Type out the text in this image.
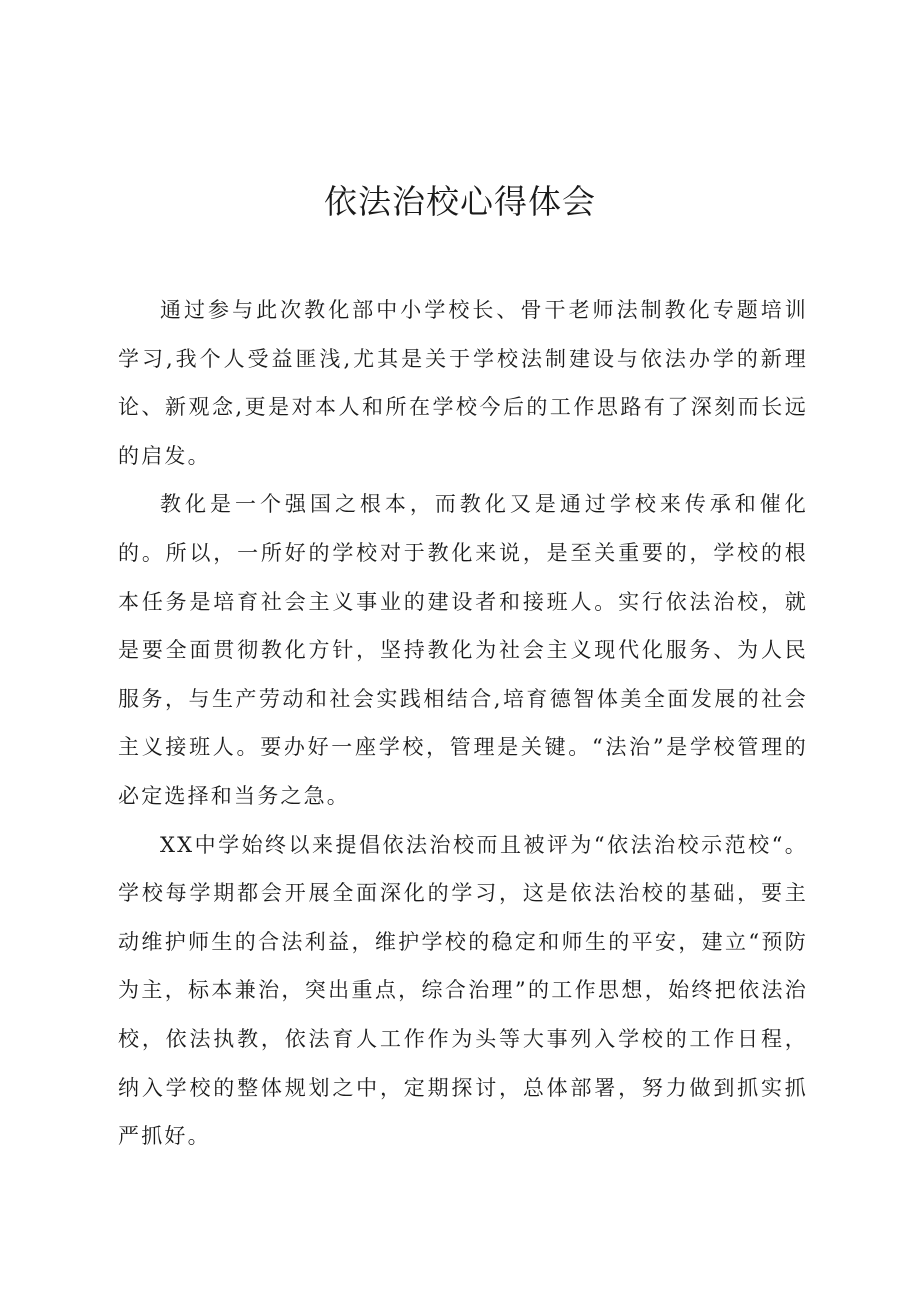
依法治校心得体会

通过参与此次教化部中小学校长、骨干老师法制教化专题培训学习,我个人受益匪浅,尤其是关于学校法制建设与依法办学的新理论、新观念,更是对本人和所在学校今后的工作思路有了深刻而长远的启发。

教化是一个强国之根本，而教化又是通过学校来传承和催化的。所以，一所好的学校对于教化来说，是至关重要的，学校的根本任务是培育社会主义事业的建设者和接班人。实行依法治校，就是要全面贯彻教化方针，坚持教化为社会主义现代化服务、为人民服务，与生产劳动和社会实践相结合,培育德智体美全面发展的社会主义接班人。要办好一座学校，管理是关键。“法治”是学校管理的必定选择和当务之急。

XX中学始终以来提倡依法治校而且被评为“依法治校示范校“。学校每学期都会开展全面深化的学习，这是依法治校的基础，要主动维护师生的合法利益，维护学校的稳定和师生的平安，建立“预防为主，标本兼治，突出重点，综合治理”的工作思想，始终把依法治校，依法执教，依法育人工作作为头等大事列入学校的工作日程，纳入学校的整体规划之中，定期探讨，总体部署，努力做到抓实抓严抓好。
